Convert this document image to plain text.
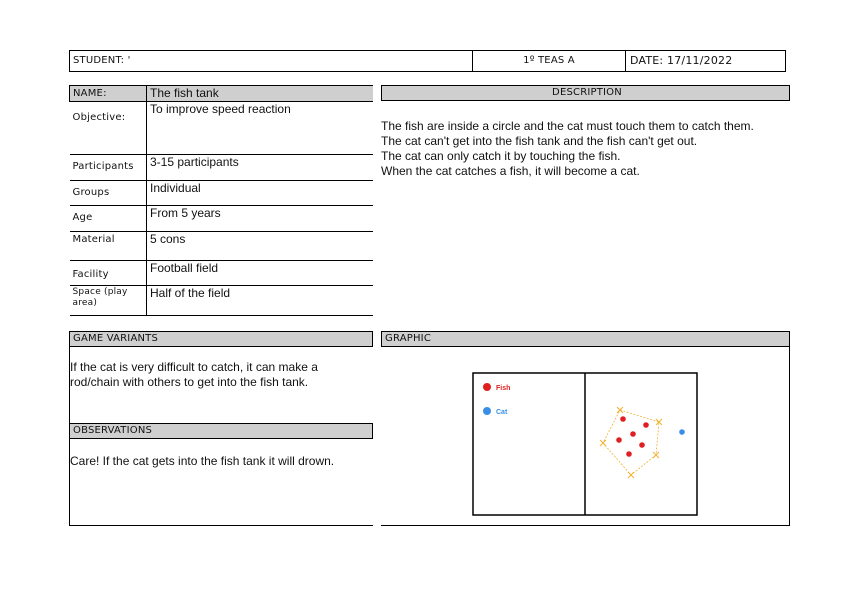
STUDENT: '	1º TEAS A	DATE: 17/11/2022
NAME:	The fish tank
Objective:	To improve speed reaction
Participants	3-15 participants
Groups	Individual
Age	From 5 years
Material	5 cons
Facility	Football field
Space (play area)	Half of the field
DESCRIPTION
The fish are inside a circle and the cat must touch them to catch them.
The cat can't get into the fish tank and the fish can't get out.
The cat can only catch it by touching the fish.
When the cat catches a fish, it will become a cat.
GAME VARIANTS
If the cat is very difficult to catch, it can make a
rod/chain with others to get into the fish tank.
OBSERVATIONS
Care! If the cat gets into the fish tank it will drown.
GRAPHIC
Fish
Cat
